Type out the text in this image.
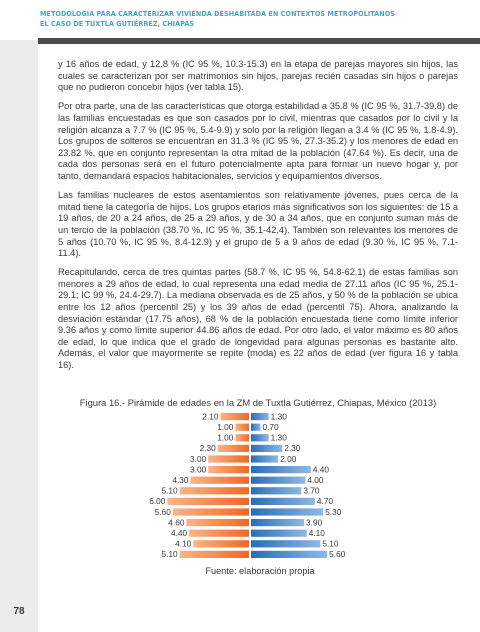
METODOLOGÍA PARA CARACTERIZAR VIVIENDA DESHABITADA EN CONTEXTOS METROPOLITANOS
EL CASO DE TUXTLA GUTIÉRREZ, CHIAPAS

y 16 años de edad, y 12.8 % (IC 95 %, 10.3-15.3) en la etapa de parejas mayores sin hijos, las cuales se caracterizan por ser matrimonios sin hijos, parejas recién casadas sin hijos o parejas que no pudieron concebir hijos (ver tabla 15).

Por otra parte, una de las características que otorga estabilidad a 35.8 % (IC 95 %, 31.7-39.8) de las familias encuestadas es que son casados por lo civil, mientras que casados por lo civil y la religión alcanza a 7.7 % (IC 95 %, 5.4-9.9) y solo por la religión llegan a 3.4 % (IC 95 %, 1.8-4.9). Los grupos de solteros se encuentran en 31.3 % (IC 95 %, 27.3-35.2) y los menores de edad en 23.82 %, que en conjunto representan la otra mitad de la población (47.64 %). Es decir, una de cada dos personas será en el futuro potencialmente apta para formar un nuevo hogar y, por tanto, demandará espacios habitacionales, servicios y equipamientos diversos.

Las familias nucleares de estos asentamientos son relativamente jóvenes, pues cerca de la mitad tiene la categoría de hijos. Los grupos etarios más significativos son los siguientes: de 15 a 19 años, de 20 a 24 años, de 25 a 29 años, y de 30 a 34 años, que en conjunto suman más de un tercio de la población (38.70 %, IC 95 %, 35.1-42,4). También son relevantes los menores de 5 años (10.70 %, IC 95 %, 8.4-12.9) y el grupo de 5 a 9 años de edad (9.30 %, IC 95 %, 7.1-11.4).

Recapitulando, cerca de tres quintas partes (58.7 %, IC 95 %, 54.8-62.1) de estas familias son menores a 29 años de edad, lo cual representa una edad media de 27.11 años (IC 95 %, 25.1-29.1; IC 99 %, 24.4-29.7). La mediana observada es de 25 años, y 50 % de la población se ubica entre los 12 años (percentil 25) y los 39 años de edad (percentil 75). Ahora, analizando la desviación estándar (17.75 años), 68 % de la población encuestada tiene como límite inferior 9.36 años y como límite superior 44.86 años de edad. Por otro lado, el valor máximo es 80 años de edad, lo que indica que el grado de longevidad para algunas personas es bastante alto. Además, el valor que mayormente se repite (moda) es 22 años de edad (ver figura 16 y tabla 16).

Figura 16.- Pirámide de edades en la ZM de Tuxtla Gutiérrez, Chiapas, México (2013)
2.10	1.30
1.00	0.70
1.00	1.30
2.30	2.30
3.00	2.00
3.00	4.40
4.30	4.00
5.10	3.70
6.00	4.70
5.60	5.30
4.60	3.90
4.40	4.10
4.10	5.10
5.10	5.60
Fuente: elaboración propia
78
